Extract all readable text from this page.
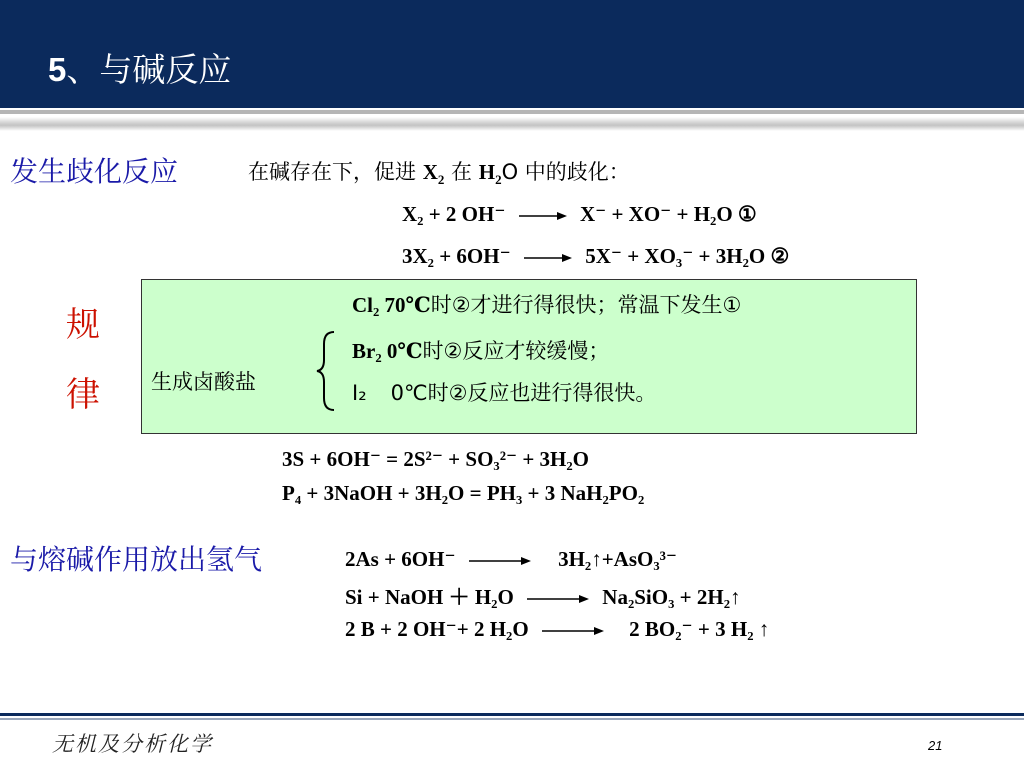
5、与碱反应
发生歧化反应	在碱存在下，促进 $X_2$ 在 $H_2O$ 中的歧化：
X₂ + 2 OH⁻	X⁻ + XO⁻ + H₂O ①
3X₂ + 6OH⁻	5X⁻ + XO₃⁻ + 3H₂O ②
规
律 生成卤酸盐
Cl₂ 70℃时②才进行得很快；常温下发生①
Br₂ 0℃时②反应才较缓慢；
I₂ 0℃时②反应也进行得很快。
3S + 6OH⁻ = 2S²⁻ + SO₃²⁻ + 3H₂O
P₄ + 3NaOH + 3H₂O = PH₃ + 3 NaH₂PO₂
与熔碱作用放出氢气	2As + 6OH⁻	3H₂↑+AsO₃³⁻
Si + NaOH ＋ H₂O	Na₂SiO₃ + 2H₂↑
2 B + 2 OH⁻+ 2 H₂O	2 BO₂⁻ + 3 H₂ ↑
无机及分析化学	21
